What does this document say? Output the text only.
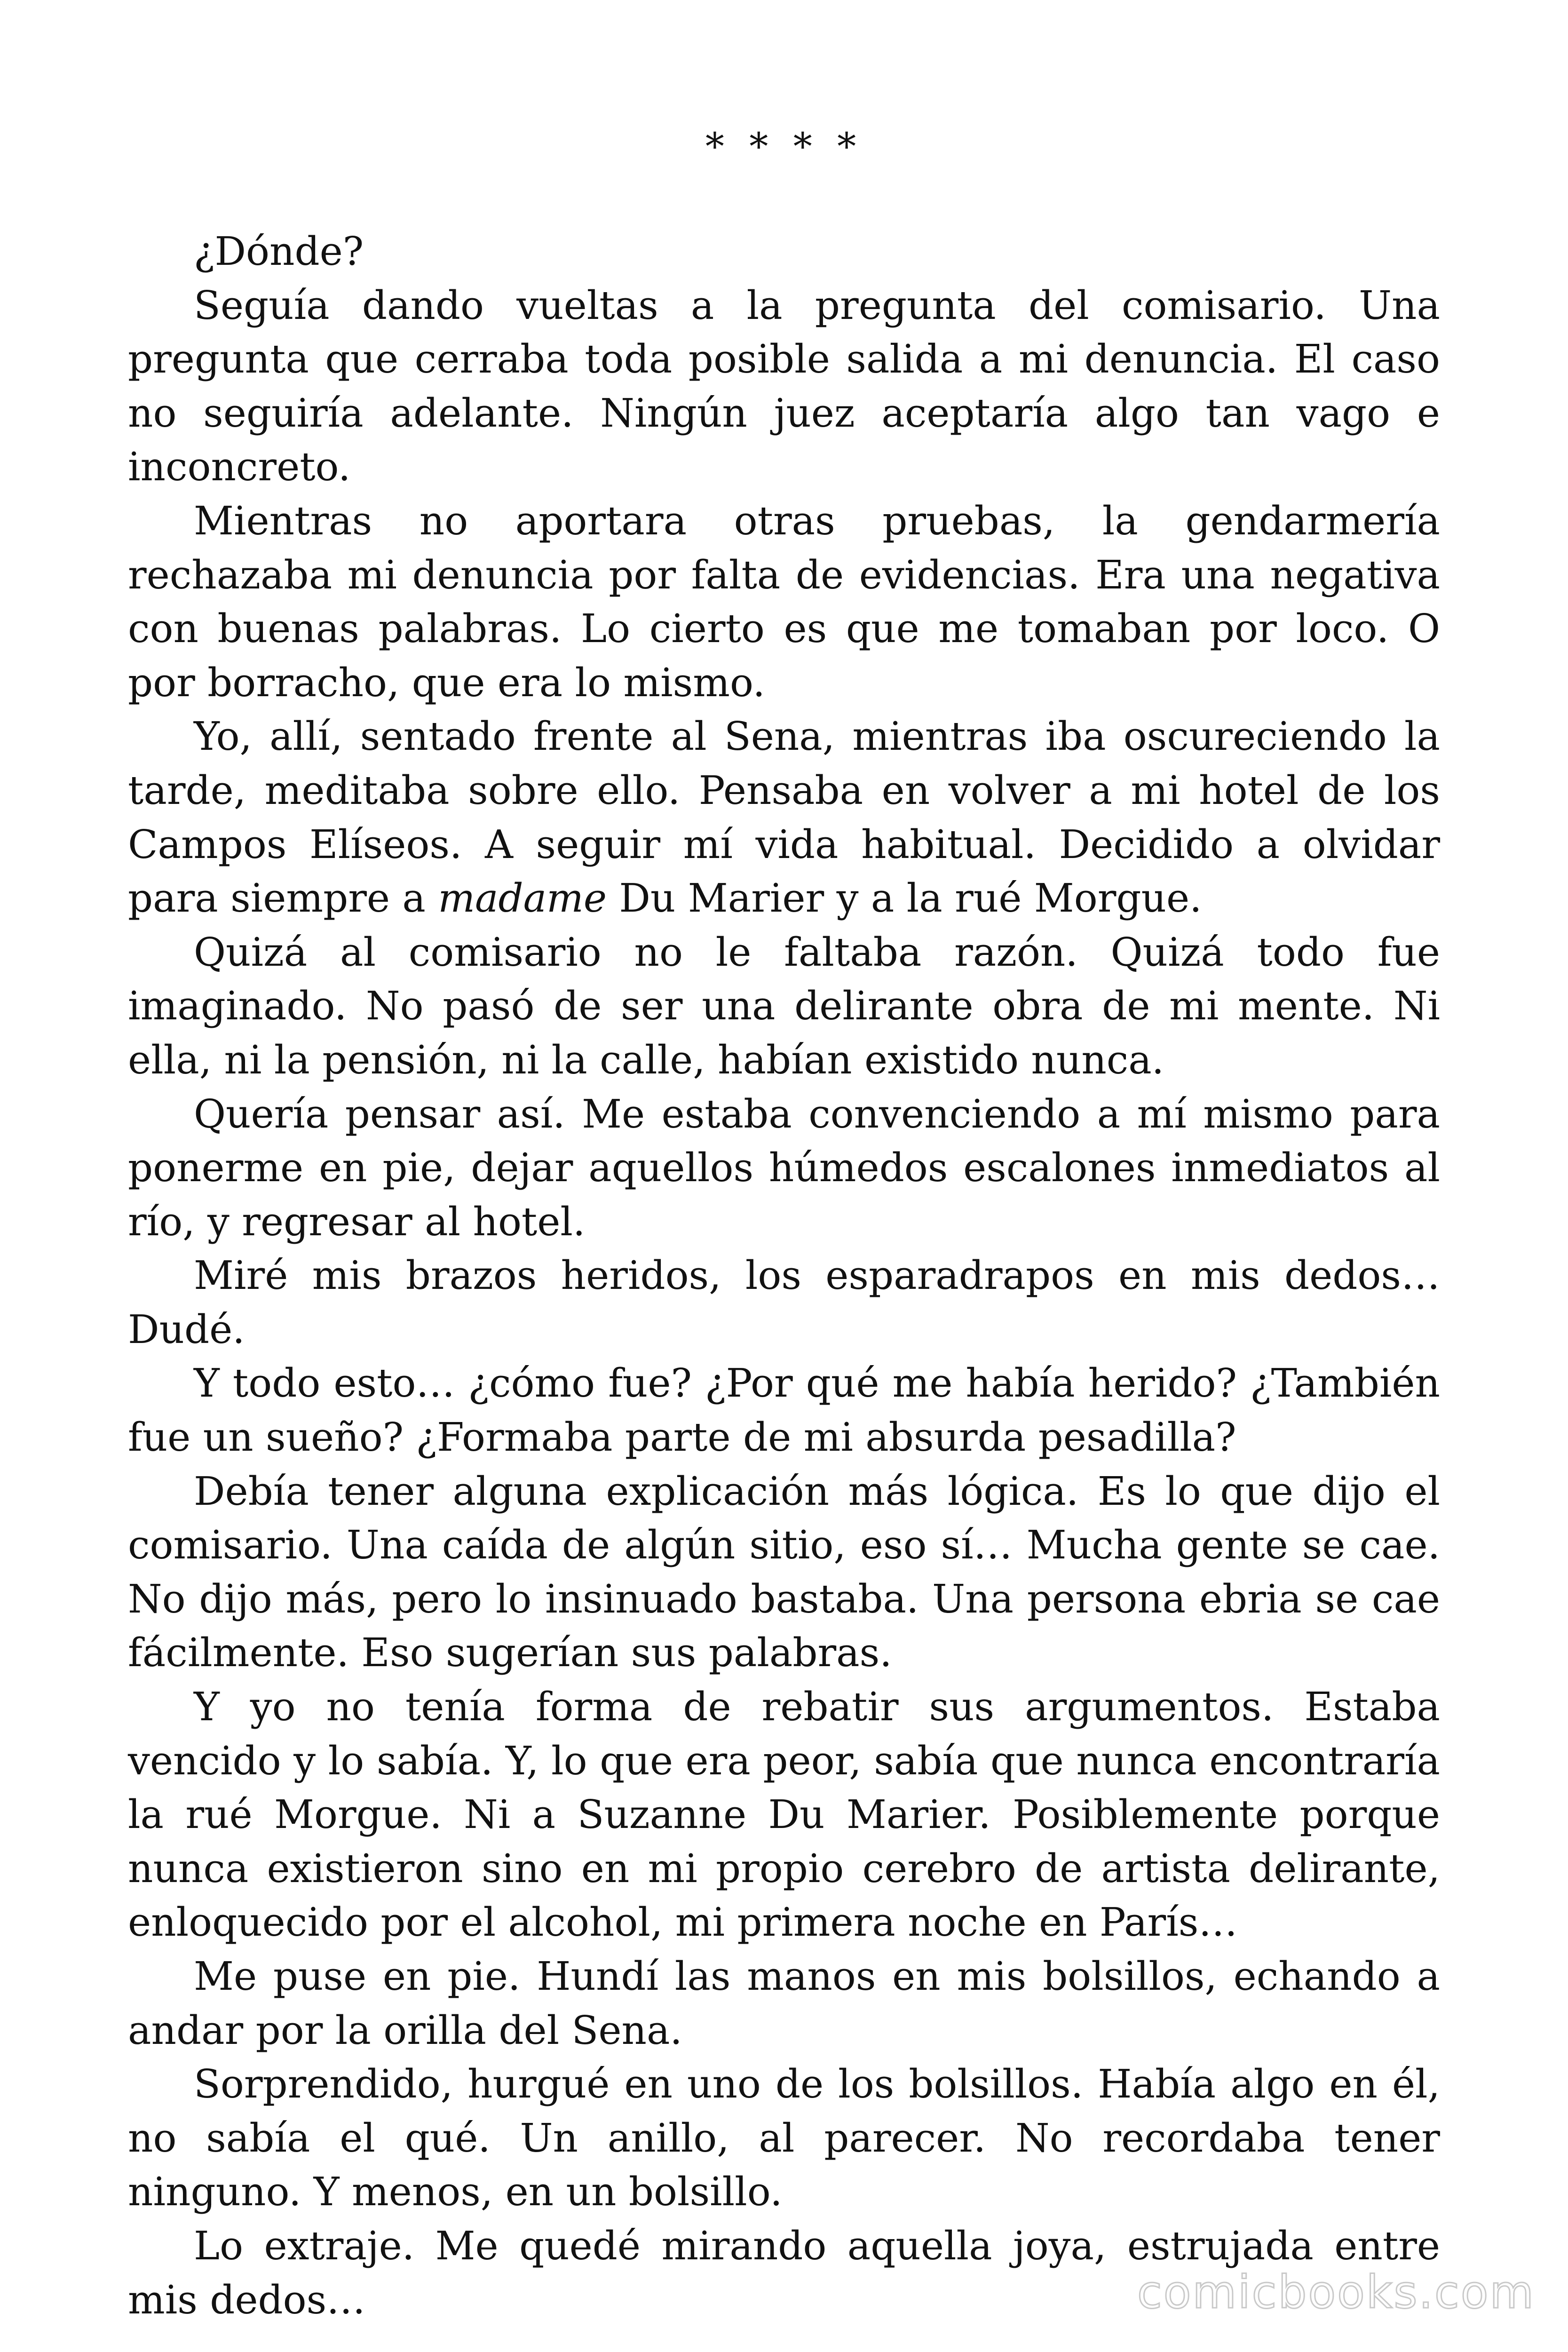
* * * *

¿Dónde?

Seguía dando vueltas a la pregunta del comisario. Una pregunta que cerraba toda posible salida a mi denuncia. El caso no seguiría adelante. Ningún juez aceptaría algo tan vago e inconcreto.

Mientras no aportara otras pruebas, la gendarmería rechazaba mi denuncia por falta de evidencias. Era una negativa con buenas palabras. Lo cierto es que me tomaban por loco. O por borracho, que era lo mismo.

Yo, allí, sentado frente al Sena, mientras iba oscureciendo la tarde, meditaba sobre ello. Pensaba en volver a mi hotel de los Campos Elíseos. A seguir mí vida habitual. Decidido a olvidar para siempre a madame Du Marier y a la rué Morgue.

Quizá al comisario no le faltaba razón. Quizá todo fue imaginado. No pasó de ser una delirante obra de mi mente. Ni ella, ni la pensión, ni la calle, habían existido nunca.

Quería pensar así. Me estaba convenciendo a mí mismo para ponerme en pie, dejar aquellos húmedos escalones inmediatos al río, y regresar al hotel.

Miré mis brazos heridos, los esparadrapos en mis dedos… Dudé.

Y todo esto… ¿cómo fue? ¿Por qué me había herido? ¿También fue un sueño? ¿Formaba parte de mi absurda pesadilla?

Debía tener alguna explicación más lógica. Es lo que dijo el comisario. Una caída de algún sitio, eso sí… Mucha gente se cae. No dijo más, pero lo insinuado bastaba. Una persona ebria se cae fácilmente. Eso sugerían sus palabras.

Y yo no tenía forma de rebatir sus argumentos. Estaba vencido y lo sabía. Y, lo que era peor, sabía que nunca encontraría la rué Morgue. Ni a Suzanne Du Marier. Posiblemente porque nunca existieron sino en mi propio cerebro de artista delirante, enloquecido por el alcohol, mi primera noche en París…

Me puse en pie. Hundí las manos en mis bolsillos, echando a andar por la orilla del Sena.

Sorprendido, hurgué en uno de los bolsillos. Había algo en él, no sabía el qué. Un anillo, al parecer. No recordaba tener ninguno. Y menos, en un bolsillo.

Lo extraje. Me quedé mirando aquella joya, estrujada entre mis dedos…	comicbooks.com
